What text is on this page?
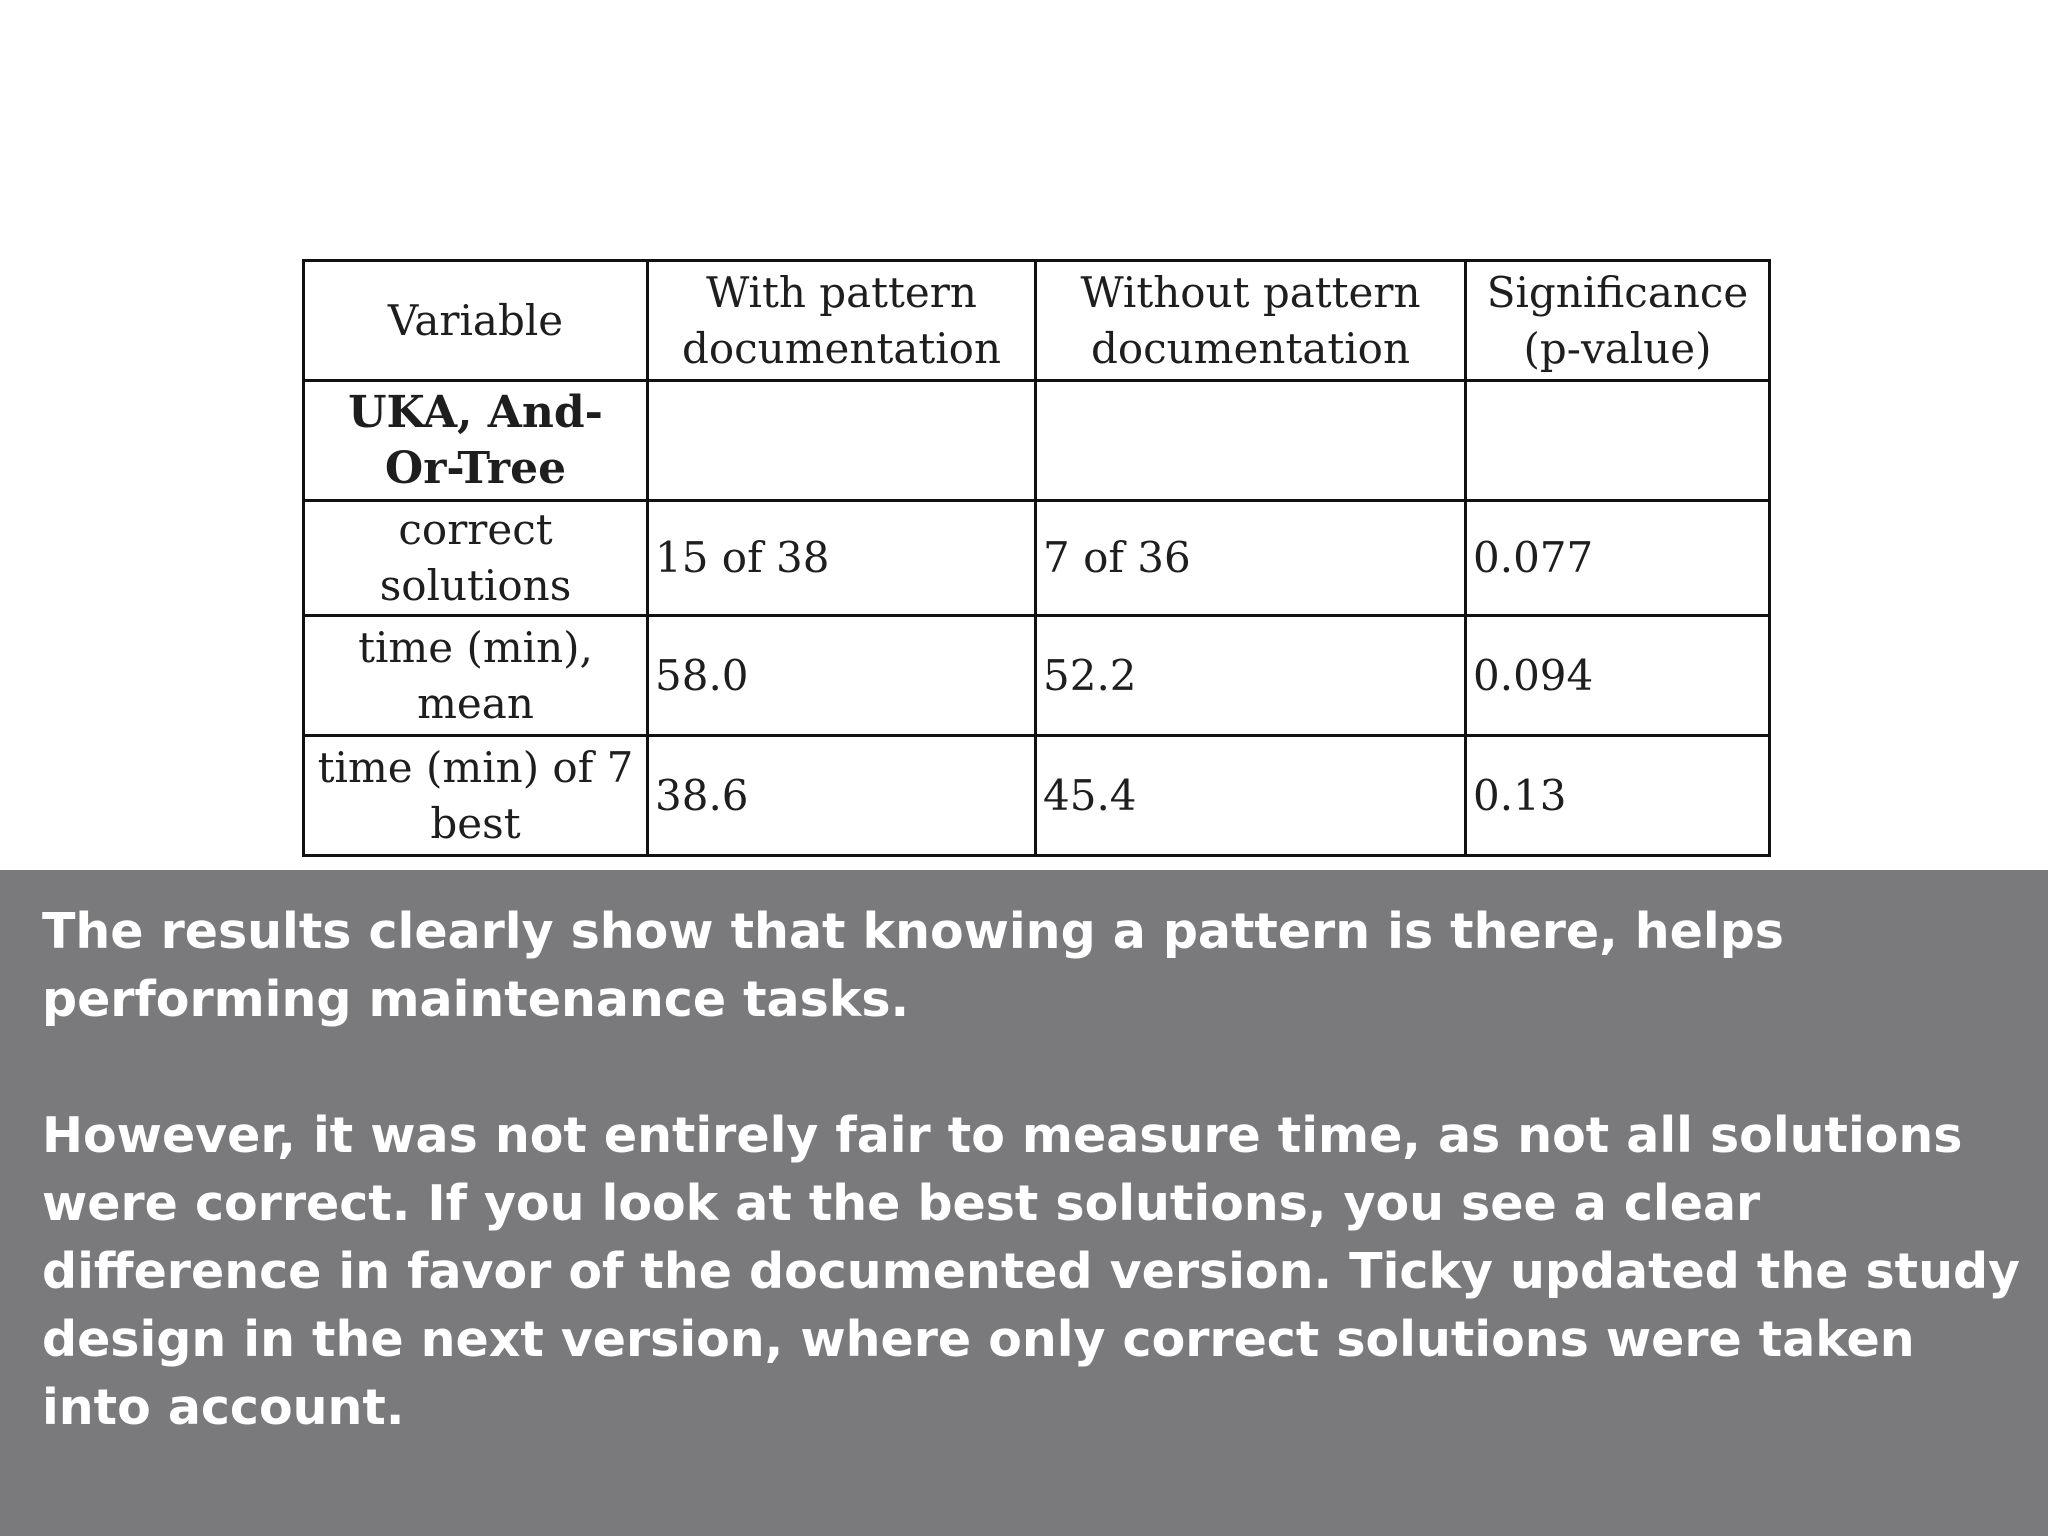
Variable	With pattern documentation	Without pattern documentation	Significance (p-value)
UKA, And-Or-Tree			
correct solutions	15 of 38	7 of 36	0.077
time (min), mean	58.0	52.2	0.094
time (min) of 7 best	38.6	45.4	0.13

The results clearly show that knowing a pattern is there, helps performing maintenance tasks.

However, it was not entirely fair to measure time, as not all solutions were correct. If you look at the best solutions, you see a clear difference in favor of the documented version. Ticky updated the study design in the next version, where only correct solutions were taken into account.
